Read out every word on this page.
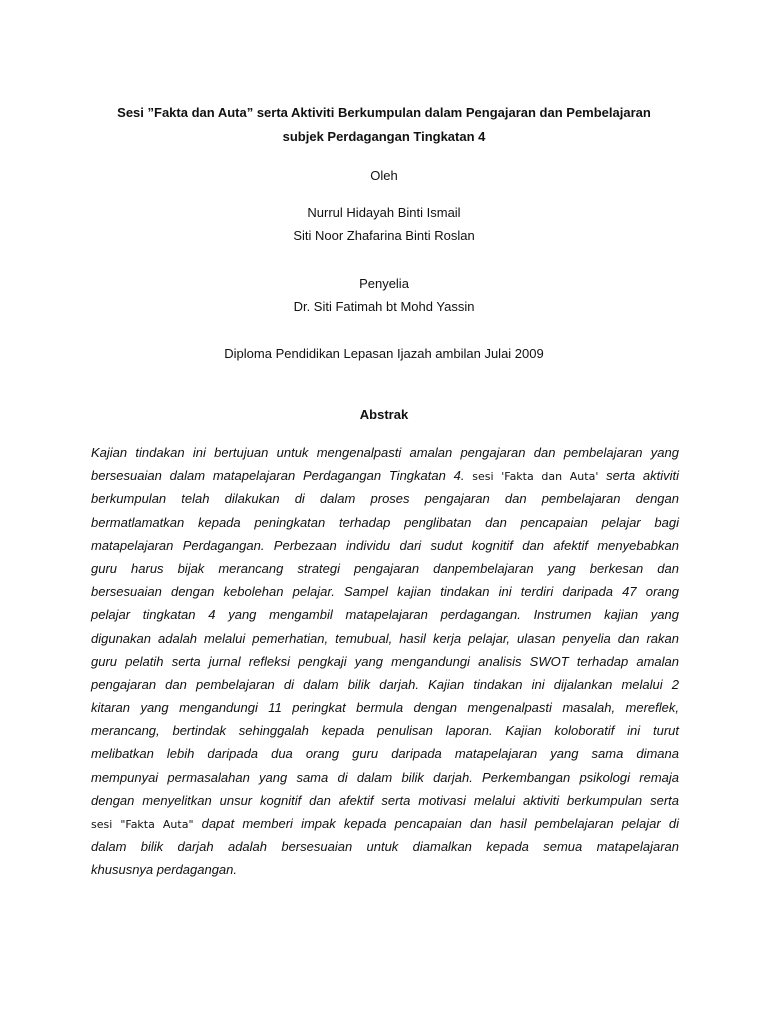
Sesi ”Fakta dan Auta” serta Aktiviti Berkumpulan dalam Pengajaran dan Pembelajaran
subjek Perdagangan Tingkatan 4
Oleh
Nurrul Hidayah Binti Ismail
Siti Noor Zhafarina Binti Roslan
Penyelia
Dr. Siti Fatimah bt Mohd Yassin
Diploma Pendidikan Lepasan Ijazah ambilan Julai 2009
Abstrak
Kajian tindakan ini bertujuan untuk mengenalpasti amalan pengajaran dan pembelajaran yang
bersesuaian dalam matapelajaran Perdagangan Tingkatan 4. sesi 'Fakta dan Auta' serta aktiviti
berkumpulan telah dilakukan di dalam proses pengajaran dan pembelajaran dengan
bermatlamatkan kepada peningkatan terhadap penglibatan dan pencapaian pelajar bagi
matapelajaran Perdagangan. Perbezaan individu dari sudut kognitif dan afektif menyebabkan
guru harus bijak merancang strategi pengajaran danpembelajaran yang berkesan dan
bersesuaian dengan kebolehan pelajar. Sampel kajian tindakan ini terdiri daripada 47 orang
pelajar tingkatan 4 yang mengambil matapelajaran perdagangan. Instrumen kajian yang
digunakan adalah melalui pemerhatian, temubual, hasil kerja pelajar, ulasan penyelia dan rakan
guru pelatih serta jurnal refleksi pengkaji yang mengandungi analisis SWOT terhadap amalan
pengajaran dan pembelajaran di dalam bilik darjah. Kajian tindakan ini dijalankan melalui 2
kitaran yang mengandungi 11 peringkat bermula dengan mengenalpasti masalah, mereflek,
merancang, bertindak sehinggalah kepada penulisan laporan. Kajian koloboratif ini turut
melibatkan lebih daripada dua orang guru daripada matapelajaran yang sama dimana
mempunyai permasalahan yang sama di dalam bilik darjah. Perkembangan psikologi remaja
dengan menyelitkan unsur kognitif dan afektif serta motivasi melalui aktiviti berkumpulan serta
sesi "Fakta Auta" dapat memberi impak kepada pencapaian dan hasil pembelajaran pelajar di
dalam bilik darjah adalah bersesuaian untuk diamalkan kepada semua matapelajaran
khususnya perdagangan.
